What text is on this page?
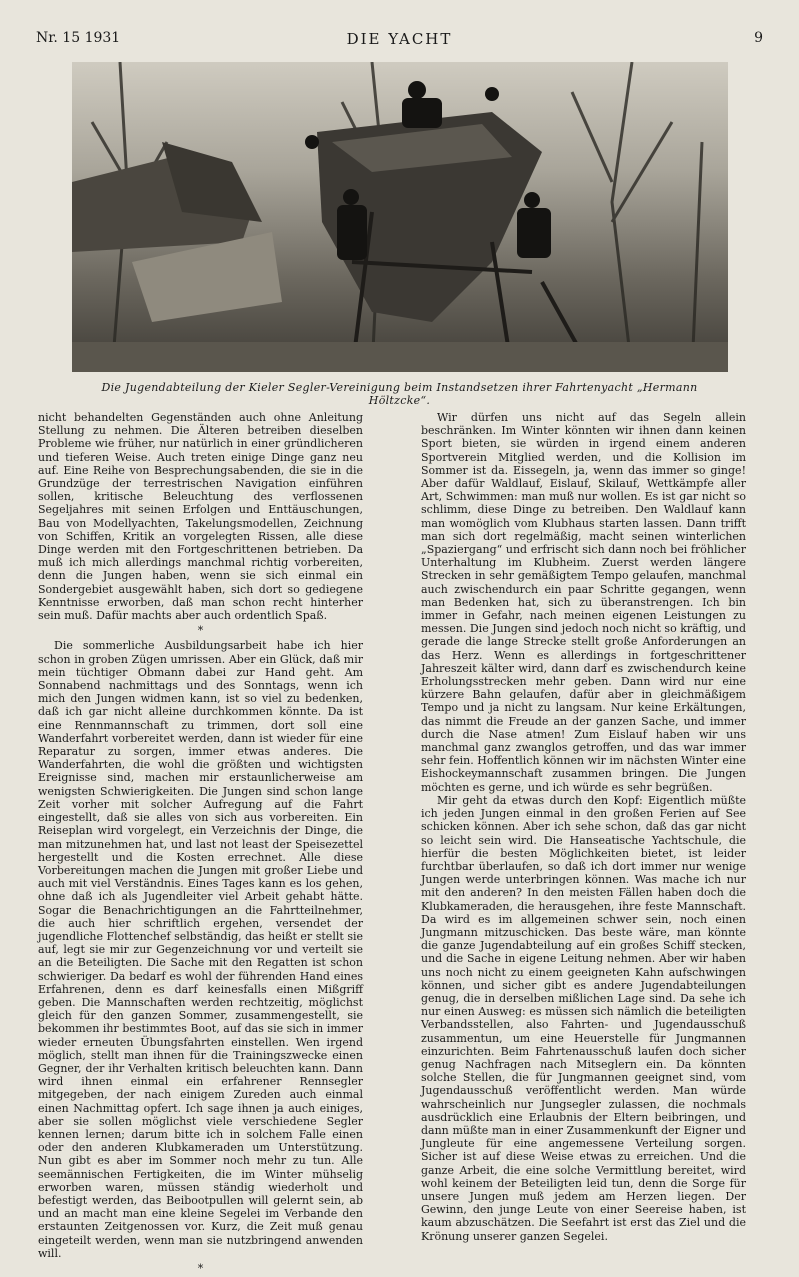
Nr. 15 1931	DIE YACHT	9
Die Jugendabteilung der Kieler Segler-Vereinigung beim Instandsetzen ihrer Fahrtenyacht „Hermann Höltzcke“.

nicht behandelten Gegenständen auch ohne Anleitung Stellung zu nehmen. Die Älteren betreiben dieselben Probleme wie früher, nur natürlich in einer gründlicheren und tieferen Weise. Auch treten einige Dinge ganz neu auf. Eine Reihe von Besprechungsabenden, die sie in die Grundzüge der terrestrischen Navigation einführen sollen, kritische Beleuchtung des verflossenen Segeljahres mit seinen Erfolgen und Enttäuschungen, Bau von Modellyachten, Takelungsmodellen, Zeichnung von Schiffen, Kritik an vorgelegten Rissen, alle diese Dinge werden mit den Fortgeschrittenen betrieben. Da muß ich mich allerdings manchmal richtig vorbereiten, denn die Jungen haben, wenn sie sich einmal ein Sondergebiet ausgewählt haben, sich dort so gediegene Kenntnisse erworben, daß man schon recht hinterher sein muß. Dafür machts aber auch ordentlich Spaß.

*

Die sommerliche Ausbildungsarbeit habe ich hier schon in groben Zügen umrissen. Aber ein Glück, daß mir mein tüchtiger Obmann dabei zur Hand geht. Am Sonnabend nachmittags und des Sonntags, wenn ich mich den Jungen widmen kann, ist so viel zu bedenken, daß ich gar nicht alleine durchkommen könnte. Da ist eine Rennmannschaft zu trimmen, dort soll eine Wanderfahrt vorbereitet werden, dann ist wieder für eine Reparatur zu sorgen, immer etwas anderes. Die Wanderfahrten, die wohl die größten und wichtigsten Ereignisse sind, machen mir erstaunlicherweise am wenigsten Schwierigkeiten. Die Jungen sind schon lange Zeit vorher mit solcher Aufregung auf die Fahrt eingestellt, daß sie alles von sich aus vorbereiten. Ein Reiseplan wird vorgelegt, ein Verzeichnis der Dinge, die man mitzunehmen hat, und last not least der Speisezettel hergestellt und die Kosten errechnet. Alle diese Vorbereitungen machen die Jungen mit großer Liebe und auch mit viel Verständnis. Eines Tages kann es los gehen, ohne daß ich als Jugendleiter viel Arbeit gehabt hätte. Sogar die Benachrichtigungen an die Fahrtteilnehmer, die auch hier schriftlich ergehen, versendet der jugendliche Flottenchef selbständig, das heißt er stellt sie auf, legt sie mir zur Gegenzeichnung vor und verteilt sie an die Beteiligten. Die Sache mit den Regatten ist schon schwieriger. Da bedarf es wohl der führenden Hand eines Erfahrenen, denn es darf keinesfalls einen Mißgriff geben. Die Mannschaften werden rechtzeitig, möglichst gleich für den ganzen Sommer, zusammengestellt, sie bekommen ihr bestimmtes Boot, auf das sie sich in immer wieder erneuten Übungsfahrten einstellen. Wen irgend möglich, stellt man ihnen für die Trainingszwecke einen Gegner, der ihr Verhalten kritisch beleuchten kann. Dann wird ihnen einmal ein erfahrener Rennsegler mitgegeben, der nach einigem Zureden auch einmal einen Nachmittag opfert. Ich sage ihnen ja auch einiges, aber sie sollen möglichst viele verschiedene Segler kennen lernen; darum bitte ich in solchem Falle einen oder den anderen Klubkameraden um Unterstützung. Nun gibt es aber im Sommer noch mehr zu tun. Alle seemännischen Fertigkeiten, die im Winter mühselig erworben waren, müssen ständig wiederholt und befestigt werden, das Beibootpullen will gelernt sein, ab und an macht man eine kleine Segelei im Verbande den erstaunten Zeitgenossen vor. Kurz, die Zeit muß genau eingeteilt werden, wenn man sie nutzbringend anwenden will.

*

Wir dürfen uns nicht auf das Segeln allein beschränken. Im Winter könnten wir ihnen dann keinen Sport bieten, sie würden in irgend einem anderen Sportverein Mitglied werden, und die Kollision im Sommer ist da. Eissegeln, ja, wenn das immer so ginge! Aber dafür Waldlauf, Eislauf, Skilauf, Wettkämpfe aller Art, Schwimmen: man muß nur wollen. Es ist gar nicht so schlimm, diese Dinge zu betreiben. Den Waldlauf kann man womöglich vom Klubhaus starten lassen. Dann trifft man sich dort regelmäßig, macht seinen winterlichen „Spaziergang“ und erfrischt sich dann noch bei fröhlicher Unterhaltung im Klubheim. Zuerst werden längere Strecken in sehr gemäßigtem Tempo gelaufen, manchmal auch zwischendurch ein paar Schritte gegangen, wenn man Bedenken hat, sich zu überanstrengen. Ich bin immer in Gefahr, nach meinen eigenen Leistungen zu messen. Die Jungen sind jedoch noch nicht so kräftig, und gerade die lange Strecke stellt große Anforderungen an das Herz. Wenn es allerdings in fortgeschrittener Jahreszeit kälter wird, dann darf es zwischendurch keine Erholungsstrecken mehr geben. Dann wird nur eine kürzere Bahn gelaufen, dafür aber in gleichmäßigem Tempo und ja nicht zu langsam. Nur keine Erkältungen, das nimmt die Freude an der ganzen Sache, und immer durch die Nase atmen! Zum Eislauf haben wir uns manchmal ganz zwanglos getroffen, und das war immer sehr fein. Hoffentlich können wir im nächsten Winter eine Eishockeymannschaft zusammen bringen. Die Jungen möchten es gerne, und ich würde es sehr begrüßen.

Mir geht da etwas durch den Kopf: Eigentlich müßte ich jeden Jungen einmal in den großen Ferien auf See schicken können. Aber ich sehe schon, daß das gar nicht so leicht sein wird. Die Hanseatische Yachtschule, die hierfür die besten Möglichkeiten bietet, ist leider furchtbar überlaufen, so daß ich dort immer nur wenige Jungen werde unterbringen können. Was mache ich nur mit den anderen? In den meisten Fällen haben doch die Klubkameraden, die herausgehen, ihre feste Mannschaft. Da wird es im allgemeinen schwer sein, noch einen Jungmann mitzuschicken. Das beste wäre, man könnte die ganze Jugendabteilung auf ein großes Schiff stecken, und die Sache in eigene Leitung nehmen. Aber wir haben uns noch nicht zu einem geeigneten Kahn aufschwingen können, und sicher gibt es andere Jugendabteilungen genug, die in derselben mißlichen Lage sind. Da sehe ich nur einen Ausweg: es müssen sich nämlich die beteiligten Verbandsstellen, also Fahrten- und Jugendausschuß zusammentun, um eine Heuerstelle für Jungmannen einzurichten. Beim Fahrtenausschuß laufen doch sicher genug Nachfragen nach Mitseglern ein. Da könnten solche Stellen, die für Jungmannen geeignet sind, vom Jugendausschuß veröffentlicht werden. Man würde wahrscheinlich nur Jungsegler zulassen, die nochmals ausdrücklich eine Erlaubnis der Eltern beibringen, und dann müßte man in einer Zusammenkunft der Eigner und Jungleute für eine angemessene Verteilung sorgen. Sicher ist auf diese Weise etwas zu erreichen. Und die ganze Arbeit, die eine solche Vermittlung bereitet, wird wohl keinem der Beteiligten leid tun, denn die Sorge für unsere Jungen muß jedem am Herzen liegen. Der Gewinn, den junge Leute von einer Seereise haben, ist kaum abzuschätzen. Die Seefahrt ist erst das Ziel und die Krönung unserer ganzen Segelei.
